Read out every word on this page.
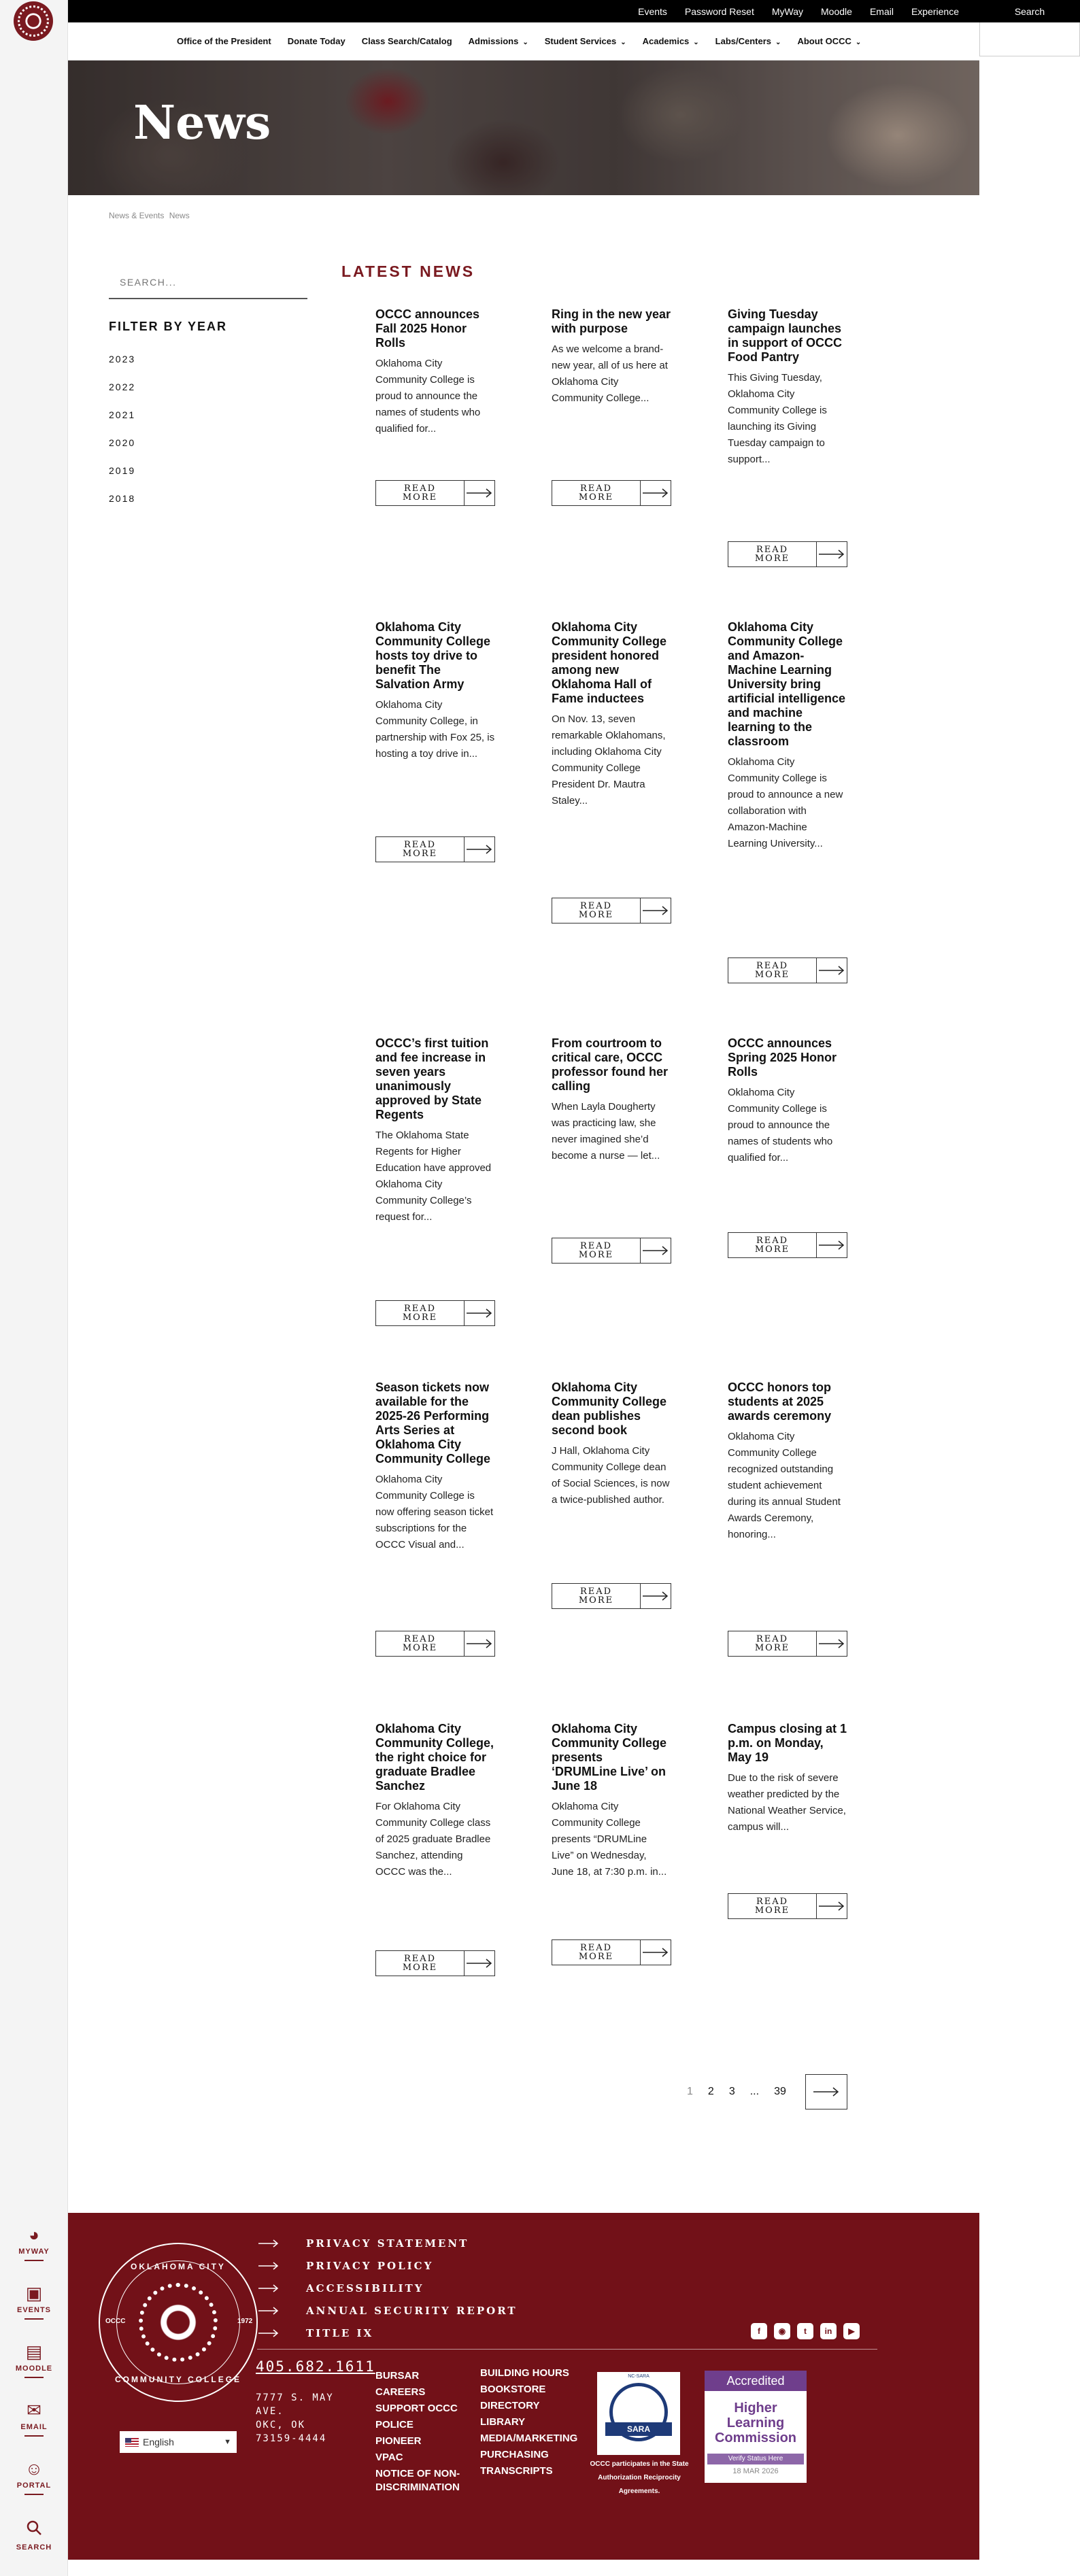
◕
MYWAY
▣
EVENTS
▤
MOODLE
✉
EMAIL
☺
PORTAL
SEARCH
Events Password Reset MyWay Moodle Email Experience	Search
Office of the President Donate Today Class Search/Catalog Admissions ⌄ Student Services ⌄ Academics ⌄ Labs/Centers ⌄ About OCCC ⌄
News
News & Events News
SEARCH...
FILTER BY YEAR
2023
2022
2021
2020
2019
2018
LATEST NEWS
OCCC announces Fall 2025 Honor Rolls

Oklahoma City Community College is proud to announce the names of students who qualified for...

READ
MORE
Ring in the new year with purpose

As we welcome a brand-new year, all of us here at Oklahoma City Community College...

READ
MORE
Giving Tuesday campaign launches in support of OCCC Food Pantry

This Giving Tuesday, Oklahoma City Community College is launching its Giving Tuesday campaign to support...

READ
MORE
Oklahoma City Community College hosts toy drive to benefit The Salvation Army

Oklahoma City Community College, in partnership with Fox 25, is hosting a toy drive in...

READ
MORE
Oklahoma City Community College president honored among new Oklahoma Hall of Fame inductees

On Nov. 13, seven remarkable Oklahomans, including Oklahoma City Community College President Dr. Mautra Staley...

READ
MORE
Oklahoma City Community College and Amazon-Machine Learning University bring artificial intelligence and machine learning to the classroom

Oklahoma City Community College is proud to announce a new collaboration with Amazon-Machine Learning University...

READ
MORE
OCCC’s first tuition and fee increase in seven years unanimously approved by State Regents

The Oklahoma State Regents for Higher Education have approved Oklahoma City Community College’s request for...

READ
MORE
From courtroom to critical care, OCCC professor found her calling

When Layla Dougherty was practicing law, she never imagined she’d become a nurse — let...

READ
MORE
OCCC announces Spring 2025 Honor Rolls

Oklahoma City Community College is proud to announce the names of students who qualified for...

READ
MORE
Season tickets now available for the 2025-26 Performing Arts Series at Oklahoma City Community College

Oklahoma City Community College is now offering season ticket subscriptions for the OCCC Visual and...

READ
MORE
Oklahoma City Community College dean publishes second book

J Hall, Oklahoma City Community College dean of Social Sciences, is now a twice-published author.

READ
MORE
OCCC honors top students at 2025 awards ceremony

Oklahoma City Community College recognized outstanding student achievement during its annual Student Awards Ceremony, honoring...

READ
MORE
Oklahoma City Community College, the right choice for graduate Bradlee Sanchez

For Oklahoma City Community College class of 2025 graduate Bradlee Sanchez, attending OCCC was the...

READ
MORE
Oklahoma City Community College presents ‘DRUMLine Live’ on June 18

Oklahoma City Community College presents “DRUMLine Live” on Wednesday, June 18, at 7:30 p.m. in...

READ
MORE
Campus closing at 1 p.m. on Monday, May 19

Due to the risk of severe weather predicted by the National Weather Service, campus will...

READ
MORE
1 2 3 ... 39
OKLAHOMA CITY
COMMUNITY COLLEGE
OCCC	1972
PRIVACY STATEMENT
PRIVACY POLICY
ACCESSIBILITY
ANNUAL SECURITY REPORT
TITLE IX	f	◉	t	in	▶
405.682.1611
7777 S. MAY AVE.
OKC, OK
73159-4444
BURSAR
CAREERS
SUPPORT OCCC
POLICE
PIONEER
VPAC
NOTICE OF NON-DISCRIMINATION
BUILDING HOURS
BOOKSTORE
DIRECTORY
LIBRARY
MEDIA/MARKETING
PURCHASING
TRANSCRIPTS
NC-SARA
SARA
OCCC participates in the State Authorization Reciprocity Agreements.
Accredited
Higher Learning Commission
Verify Status Here
18 MAR 2026
English	▼
